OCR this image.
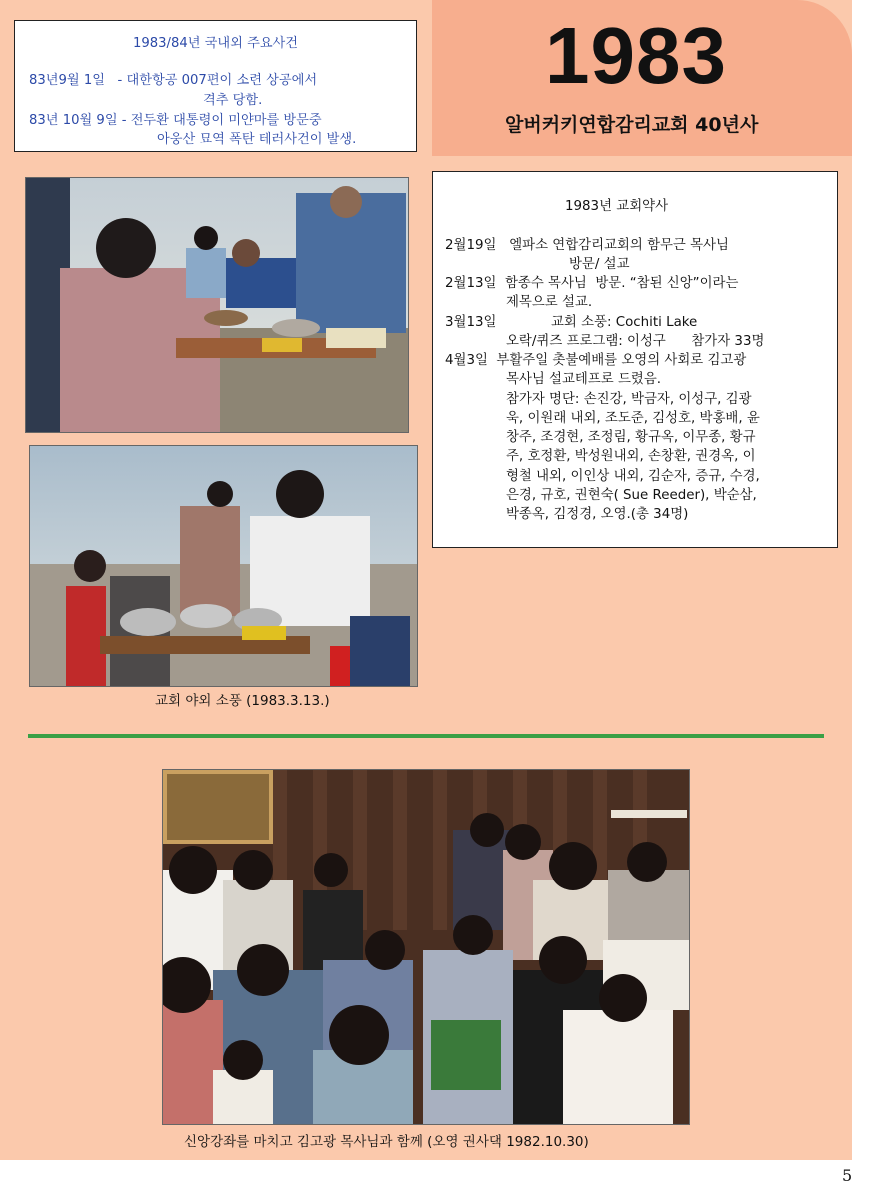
1983/84년 국내외 주요사건
83년9월 1일   - 대한항공 007편이 소련 상공에서
격추 당함.
83년 10월 9일 - 전두환 대통령이 미얀마를 방문중
아웅산 묘역 폭탄 테러사건이 발생.
1983
알버커키연합감리교회 40년사
교회 야외 소풍 (1983.3.13.)
1983년 교회약사
2월19일   엘파소 연합감리교회의 함무근 목사님
방문/ 설교
2월13일  함종수 목사님  방문. “참된 신앙”이라는
제목으로 설교.
3월13일	교회 소풍: Cochiti Lake
오락/퀴즈 프로그램: 이성구      참가자 33명
4월3일  부활주일 촛불예배를 오영의 사회로 김고광
목사님 설교테프로 드렸음.
참가자 명단: 손진강, 박금자, 이성구, 김광
욱, 이원래 내외, 조도준, 김성호, 박홍배, 윤
창주, 조경현, 조정림, 황규옥, 이무종, 황규
주, 호정환, 박성원내외, 손창환, 권경옥, 이
형철 내외, 이인상 내외, 김순자, 증규, 수경,
은경, 규호, 권현숙( Sue Reeder), 박순삼,
박종옥, 김정경, 오영.(총 34명)
신앙강좌를 마치고 김고광 목사님과 함께 (오영 권사댁 1982.10.30)
5
